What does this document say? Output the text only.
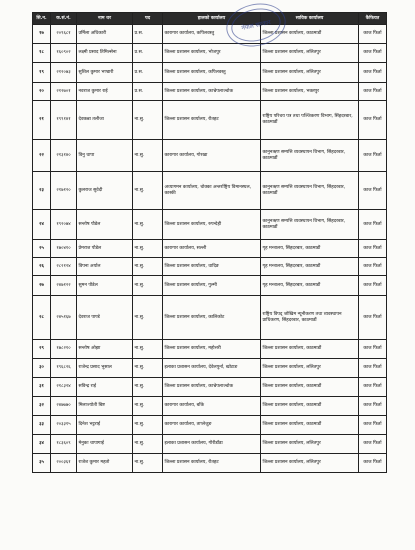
सि.न.	क.सं.नं.	नाम थर	पद	हालको कार्यालय	साविक कार्यालय	कैफियत
१७	२०९६८१	उर्मिला अधिकारी	प्र.स.	कारागार कार्यालय, कपिलवस्तु	जिल्ला प्रशासन कार्यालय, काठमाडौं	काज फिर्ता
१८	१६०९०२	लक्ष्मी प्रसाद तिमिल्सेना	प्र.स.	जिल्ला प्रशासन कार्यालय, भोजपुर	जिल्ला प्रशासन कार्यालय, ललितपुर	काज फिर्ता
१९	२१२०७३	सुशिल कुमार भण्डारी	प्र.स.	जिल्ला प्रशासन कार्यालय, कपिलवस्तु	जिल्ला प्रशासन कार्यालय, ललितपुर	काज फिर्ता
२०	२१२७०१	नवराज कुमार राई	प्र.स.	जिल्ला प्रशासन कार्यालय, काभ्रेपलाञ्चोक	जिल्ला प्रशासन कार्यालय, भक्तपुर	काज फिर्ता
२१	१९९१४१	देवकन्ना तलीजा	ना.सु.	जिल्ला प्रशासन कार्यालय, रौतहट	राष्ट्रिय परिचय पत्र तथा पञ्जिकरण विभाग, सिंहदरबार, काठमाडौं	काज फिर्ता
२२	२१३१४०	विनु थापा	ना.सु.	कारागार कार्यालय, गोरखा	कानुनऋण सम्पत्ति व्यवस्थापन विभाग, सिंहदरबार, काठमाडौं	काज फिर्ता
२३	२१७१२०	कुलराज सुवेदी	ना.सु.	अध्यागमन कार्यालय, चोक्का अन्तर्राष्ट्रिय विमानस्थल, कास्की	कानुनऋण सम्पत्ति व्यवस्थापन विभाग, सिंहदरबार, काठमाडौं	काज फिर्ता
२४	१९२०७४	सन्तोष पौडेल	ना.सु.	जिल्ला प्रशासन कार्यालय, रुपन्देही	कानुनऋण सम्पत्ति व्यवस्थापन विभाग, सिंहदरबार, काठमाडौं	काज फिर्ता
२५	१७०४१०	प्रेमराज पौडेल	ना.सु.	कारागार कार्यालय, सल्ली	गृह मन्त्रालय, सिंहदरबार, काठमाडौं	काज फिर्ता
२६	२८२१२४	विपना अर्याल	ना.सु.	जिल्ला प्रशासन कार्यालय, धादिङ	गृह मन्त्रालय, सिंहदरबार, काठमाडौं	काज फिर्ता
२७	२४७१२२	सुमन पौडेल	ना.सु.	जिल्ला प्रशासन कार्यालय, गुल्मी	गृह मन्त्रालय, सिंहदरबार, काठमाडौं	काज फिर्ता
२८	२४५१६७	देवराज पाण्डे	ना.सु.	जिल्ला प्रशासन कार्यालय, कालिकोट	राष्ट्रिय विपद् जोखिम न्यूनीकरण तथा व्यवस्थापन प्राधिकरण, सिंहदरबार, काठमाडौं	काज फिर्ता
२९	१७८२१०	सन्तोष ओझा	ना.सु.	जिल्ला प्रशासन कार्यालय, महोत्तरी	जिल्ला प्रशासन कार्यालय, काठमाडौं	काज फिर्ता
३०	१९६८२६	राजेन्द्र प्रसाद भुसाल	ना.सु.	इलाका प्रशासन कार्यालय, देवेलपुर्ना, खोटाङ	जिल्ला प्रशासन कार्यालय, ललितपुर	काज फिर्ता
३१	२१८३२४	सविन्द्र राई	ना.सु.	जिल्ला प्रशासन कार्यालय, काभ्रेपलाञ्चोक	जिल्ला प्रशासन कार्यालय, काठमाडौं	काज फिर्ता
३२	२४७७७०	मिलाज्योती बिष्ट	ना.सु.	कारागार कार्यालय, बाँके	जिल्ला प्रशासन कार्यालय, काठमाडौं	काज फिर्ता
३३	२०३३१५	दिनेश भट्टराई	ना.सु.	कारागार कार्यालय, ताप्लेजुङ	जिल्ला प्रशासन कार्यालय, काठमाडौं	काज फिर्ता
३४	१८३६०९	मेनुका चापागाई	ना.सु.	इलाका प्रशासन कार्यालय, गौरीडाँडा	जिल्ला प्रशासन कार्यालय, ललितपुर	काज फिर्ता
३५	२००३६१	राजेश कुमार महतो	ना.सु.	जिल्ला प्रशासन कार्यालय, रौतहट	जिल्ला प्रशासन कार्यालय, ललितपुर	काज फिर्ता
नेपाल सरकार
